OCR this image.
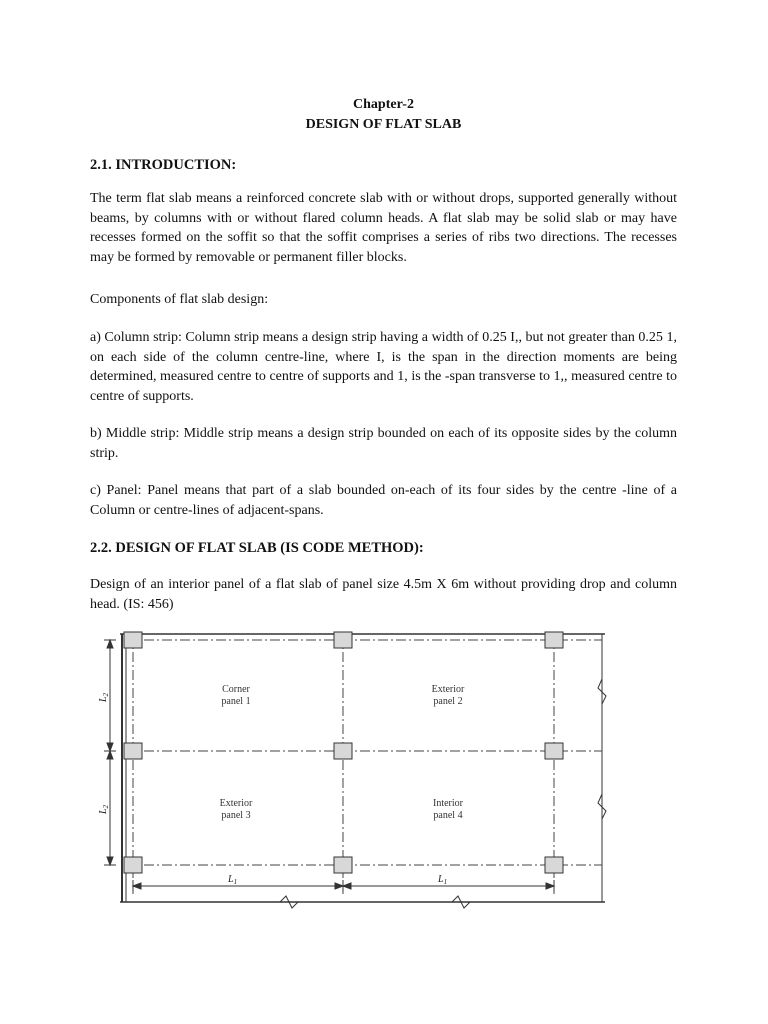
Chapter-2

DESIGN OF FLAT SLAB

2.1. INTRODUCTION:

The term flat slab means a reinforced concrete slab with or without drops, supported generally without beams, by columns with or without flared column heads. A flat slab may be solid slab or may have recesses formed on the soffit so that the soffit comprises a series of ribs two directions. The recesses may be formed by removable or permanent filler blocks.

Components of flat slab design:

a) Column strip: Column strip means a design strip having a width of 0.25 I,, but not greater than 0.25 1, on each side of the column centre-line, where I, is the span in the direction moments are being determined, measured centre to centre of supports and 1, is the -span transverse to 1,, measured centre to centre of supports.

b) Middle strip: Middle strip means a design strip bounded on each of its opposite sides by the column strip.

c) Panel: Panel means that part of a slab bounded on-each of its four sides by the centre -line of a Column or centre-lines of adjacent-spans.

2.2. DESIGN OF FLAT SLAB (IS CODE METHOD):

Design of an interior panel of a flat slab of panel size 4.5m X 6m without providing drop and column head. (IS: 456)

$L_1$	$L_1$
$L_2$
$L_2$
Corner
panel 1
Exterior
panel 2
Exterior
panel 3
Interior
panel 4
